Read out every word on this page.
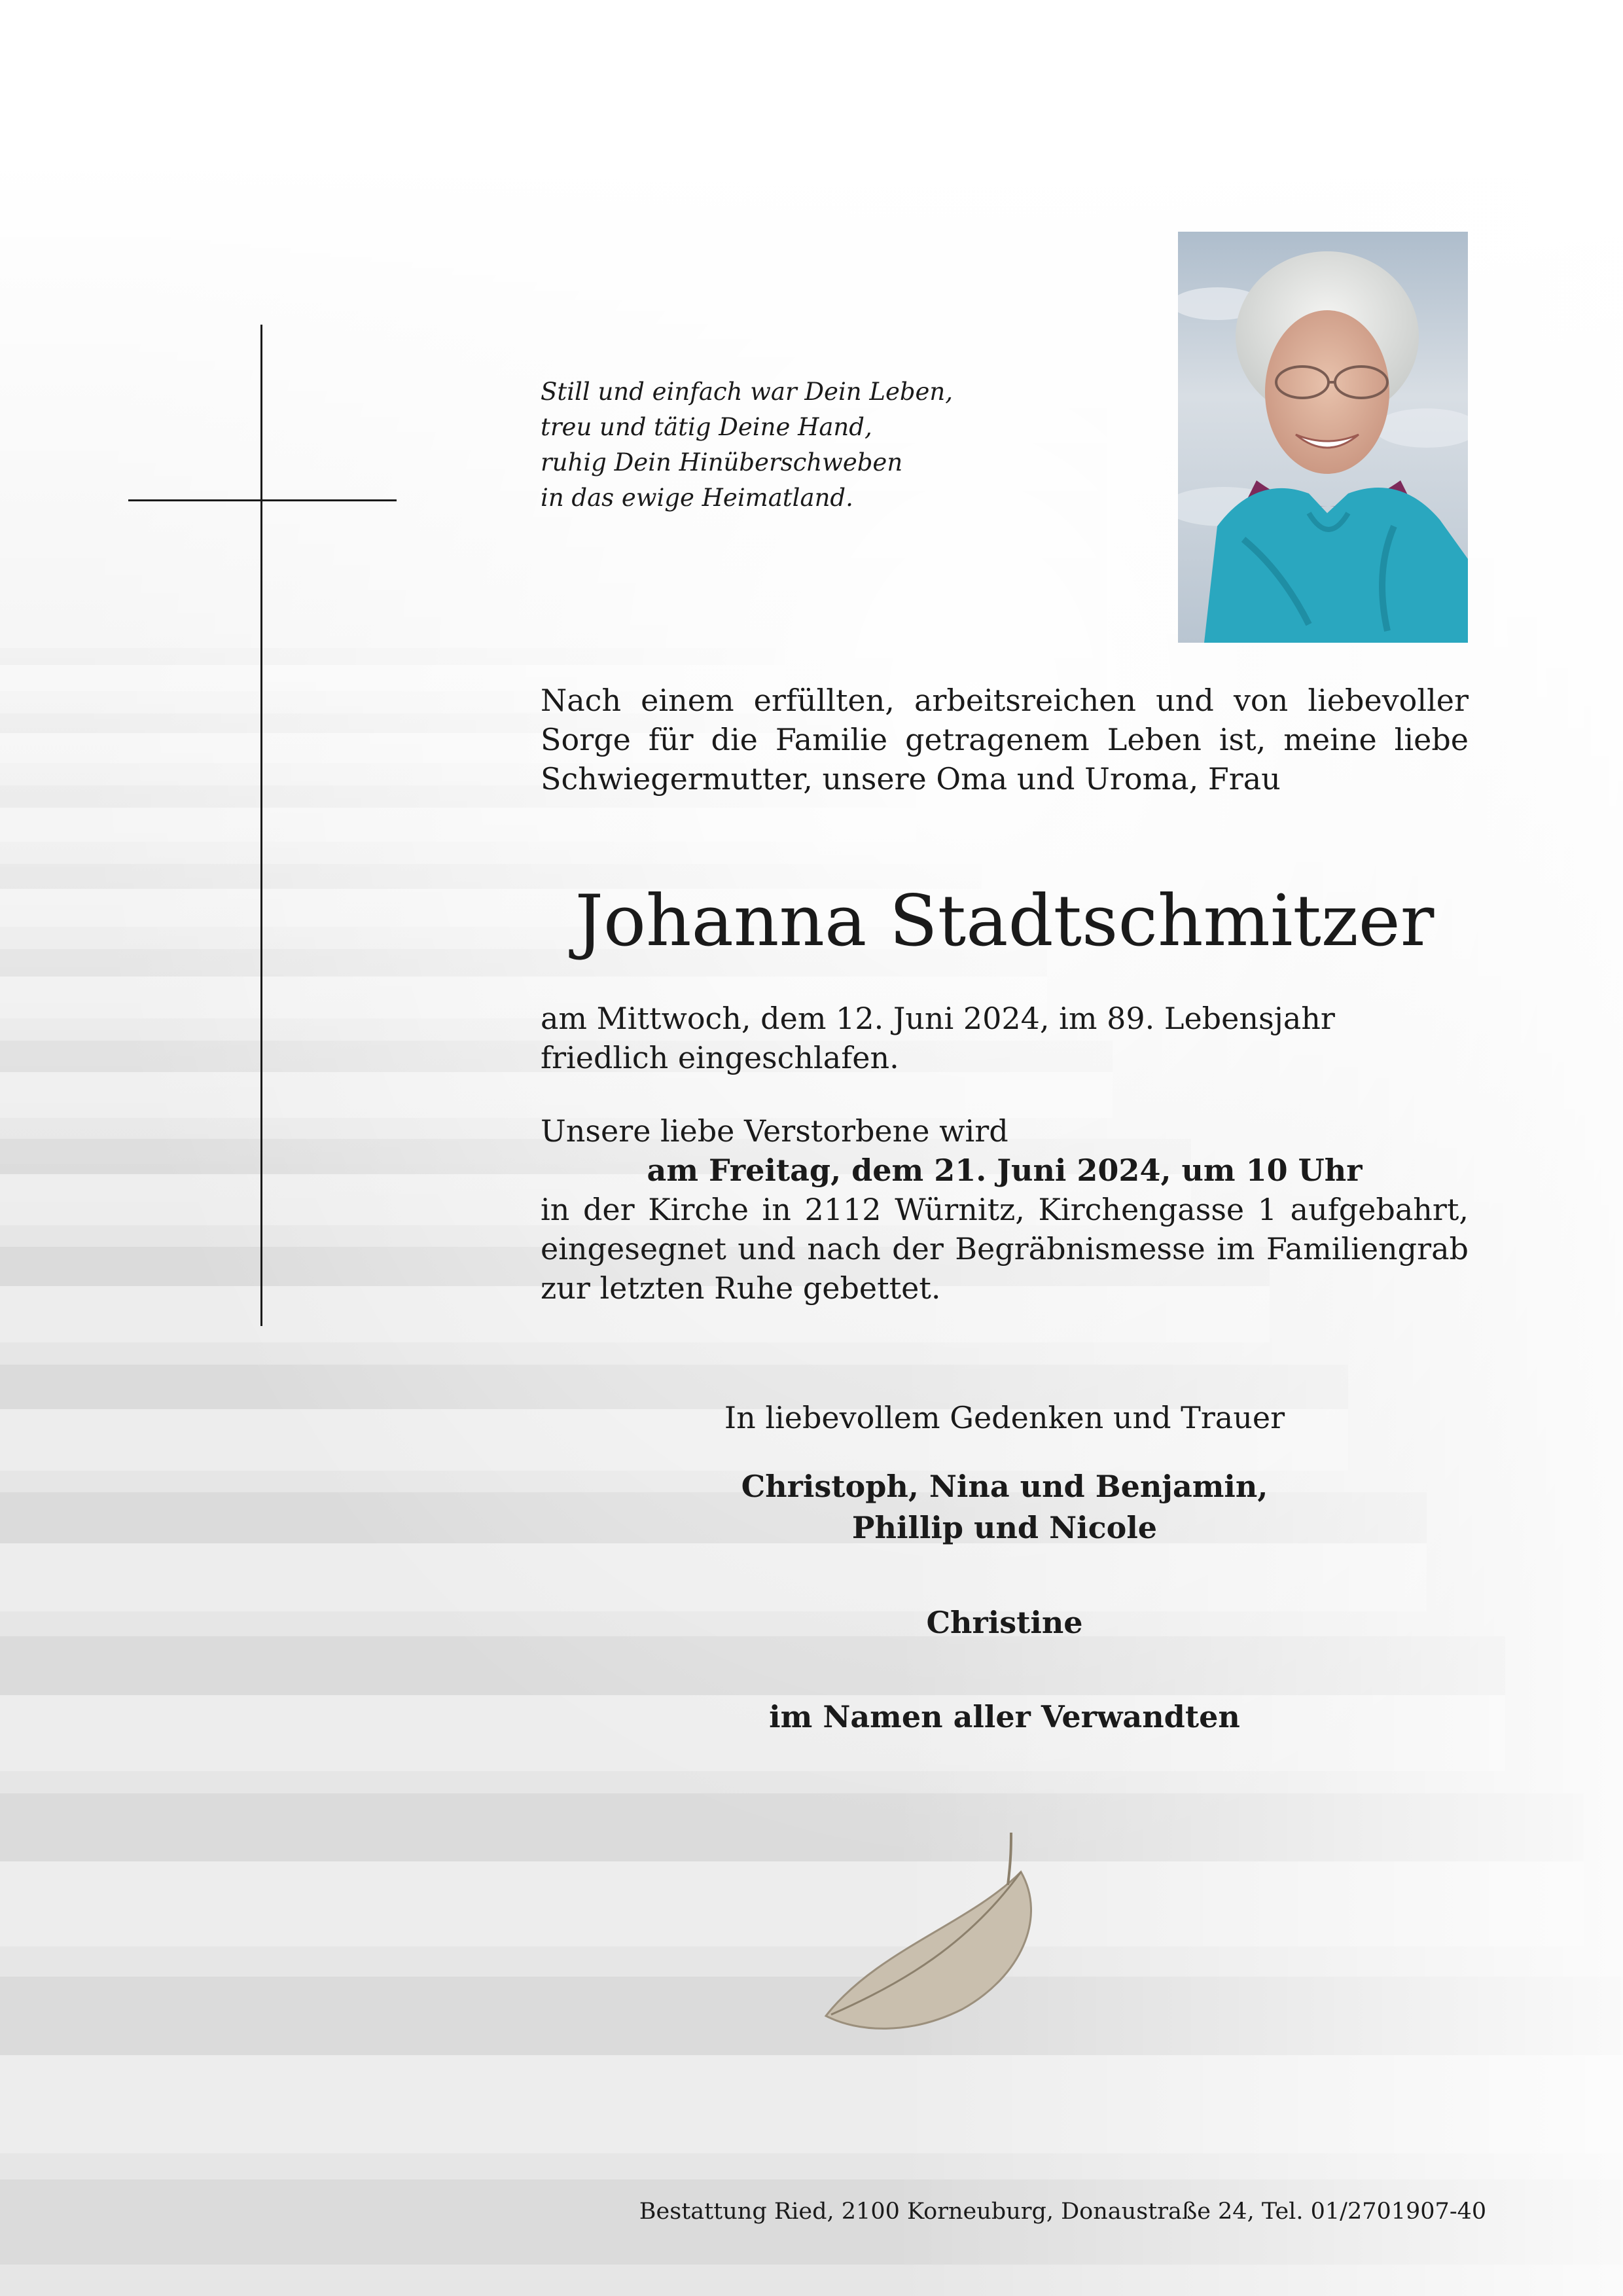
Still und einfach war Dein Leben,
treu und tätig Deine Hand,
ruhig Dein Hinüberschweben
in das ewige Heimatland.
Nach einem erfüllten, arbeitsreichen und von liebevoller Sorge für die Familie getragenem Leben ist, meine liebe Schwiegermutter, unsere Oma und Uroma, Frau
Johanna Stadtschmitzer
am Mittwoch, dem 12. Juni 2024, im 89. Lebensjahr friedlich eingeschlafen.
Unsere liebe Verstorbene wird
am Freitag, dem 21. Juni 2024, um 10 Uhr
in der Kirche in 2112 Würnitz, Kirchengasse 1 aufgebahrt, eingesegnet und nach der Begräbnismesse im Familiengrab zur letzten Ruhe gebettet.
In liebevollem Gedenken und Trauer
Christoph, Nina und Benjamin,
Phillip und Nicole
Christine
im Namen aller Verwandten
Bestattung Ried, 2100 Korneuburg, Donaustraße 24, Tel. 01/2701907-40
